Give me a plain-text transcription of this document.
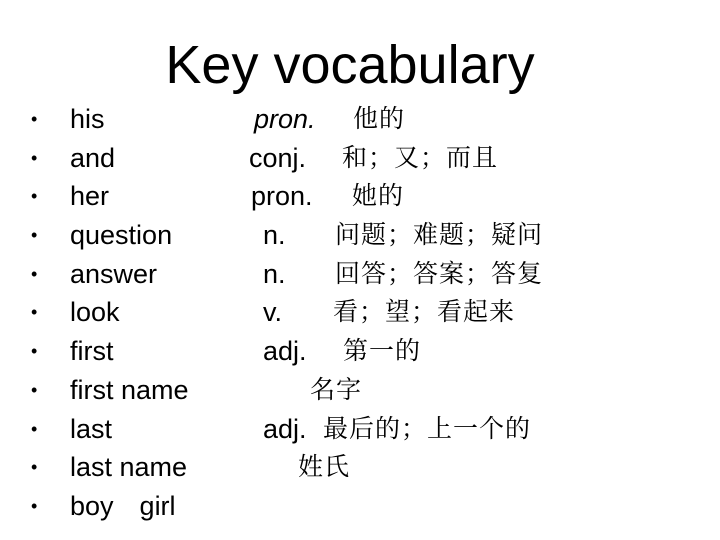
Key vocabulary
• his	pron. 他的
• and	conj. 和；又；而且
• her	pron. 她的
• question	n. 问题；难题；疑问
• answer	n. 回答；答案；答复
• look	v. 看；望；看起来
• first	adj. 第一的
• first name	名字
• last	adj. 最后的；上一个的
• last name	姓氏
• boy girl
